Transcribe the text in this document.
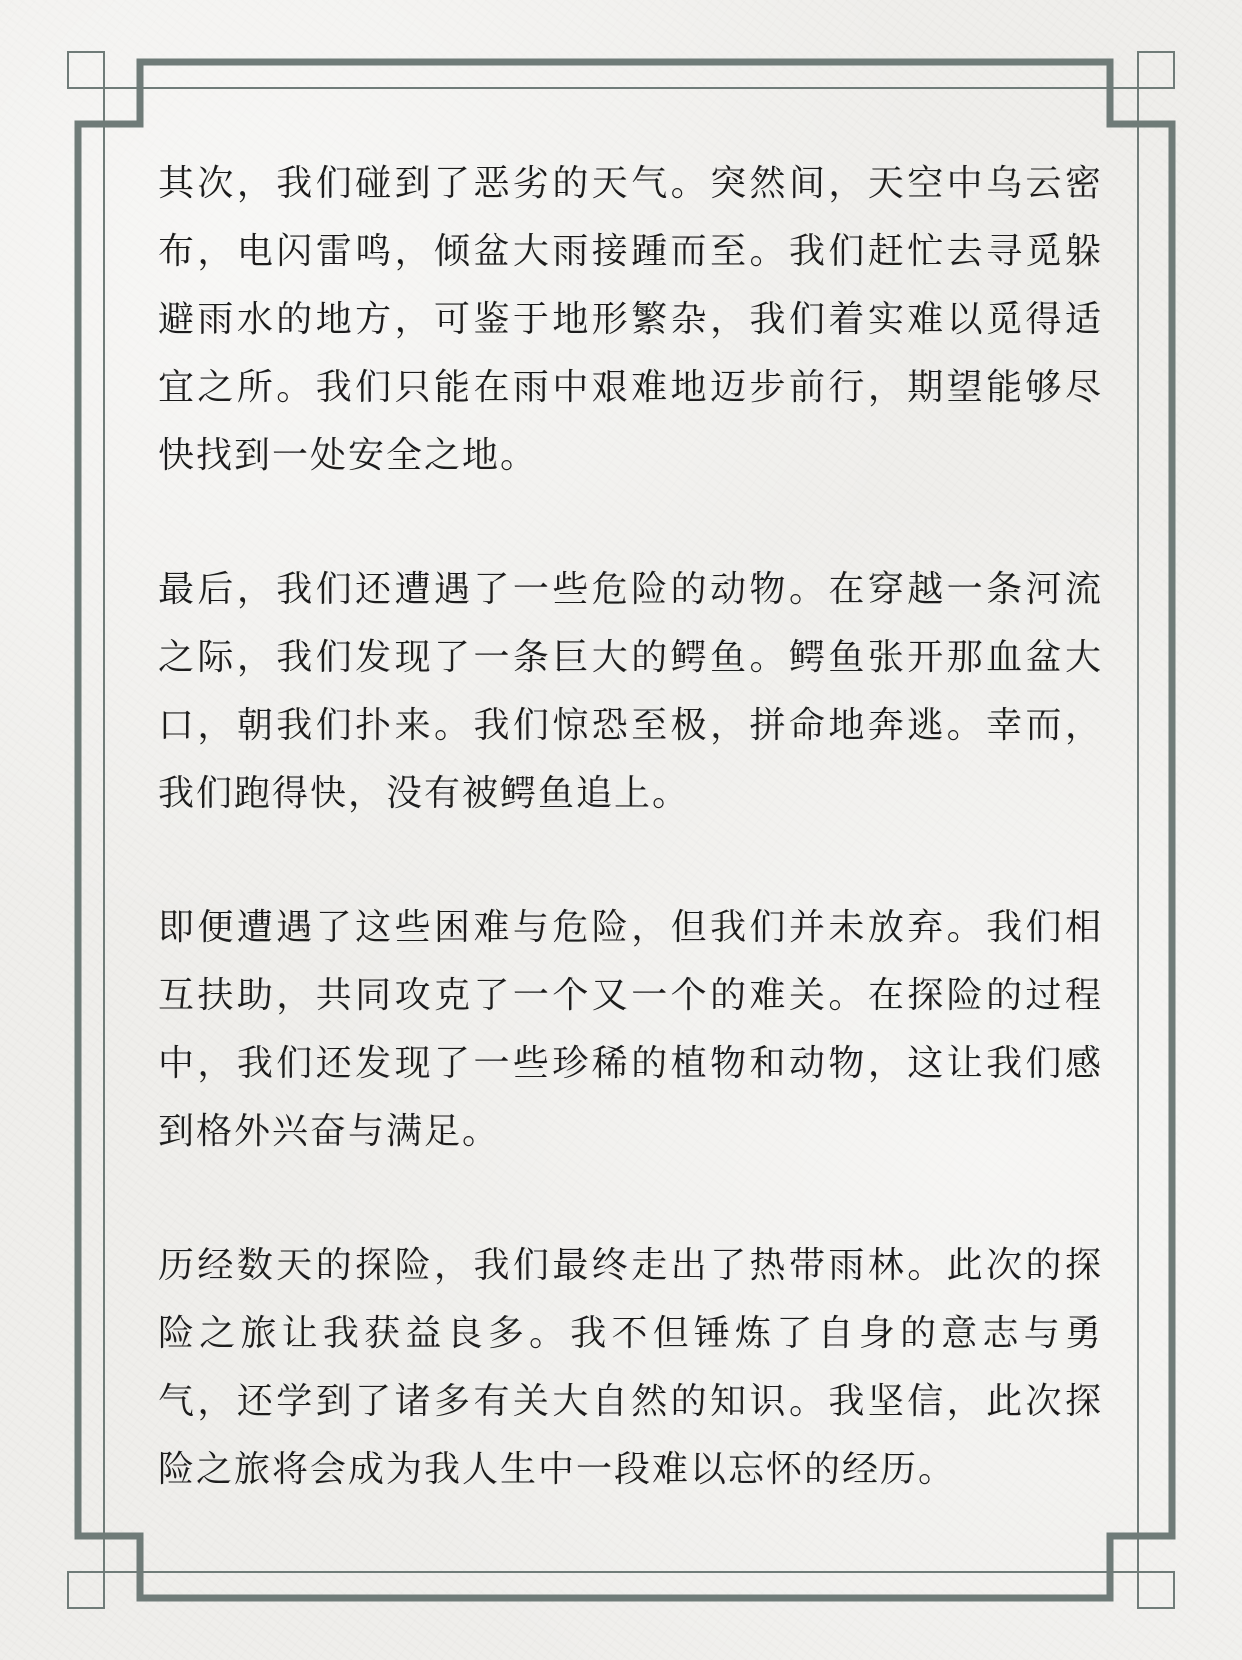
其次，我们碰到了恶劣的天气。突然间，天空中乌云密布，电闪雷鸣，倾盆大雨接踵而至。我们赶忙去寻觅躲避雨水的地方，可鉴于地形繁杂，我们着实难以觅得适宜之所。我们只能在雨中艰难地迈步前行，期望能够尽快找到一处安全之地。

最后，我们还遭遇了一些危险的动物。在穿越一条河流之际，我们发现了一条巨大的鳄鱼。鳄鱼张开那血盆大口，朝我们扑来。我们惊恐至极，拼命地奔逃。幸而，我们跑得快，没有被鳄鱼追上。

即便遭遇了这些困难与危险，但我们并未放弃。我们相互扶助，共同攻克了一个又一个的难关。在探险的过程中，我们还发现了一些珍稀的植物和动物，这让我们感到格外兴奋与满足。

历经数天的探险，我们最终走出了热带雨林。此次的探险之旅让我获益良多。我不但锤炼了自身的意志与勇气，还学到了诸多有关大自然的知识。我坚信，此次探险之旅将会成为我人生中一段难以忘怀的经历。
